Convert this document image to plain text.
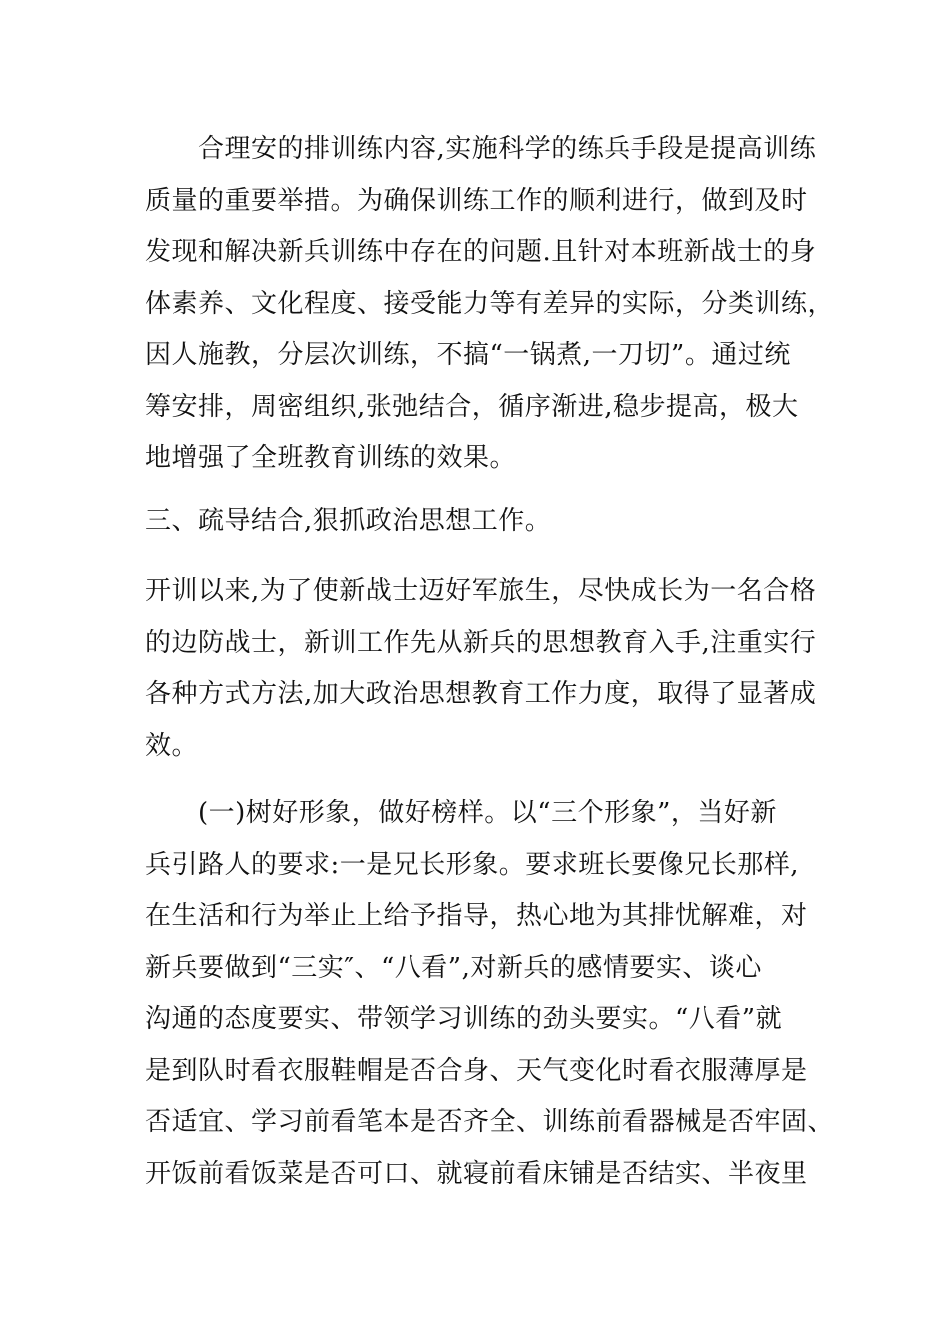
合理安的排训练内容,实施科学的练兵手段是提高训练
质量的重要举措。为确保训练工作的顺利进行，做到及时
发现和解决新兵训练中存在的问题.且针对本班新战士的身
体素养、文化程度、接受能力等有差异的实际，分类训练，
因人施教，分层次训练，不搞“一锅煮,一刀切”。通过统
筹安排，周密组织,张弛结合，循序渐进,稳步提高，极大
地增强了全班教育训练的效果。
三、疏导结合,狠抓政治思想工作。
开训以来,为了使新战士迈好军旅生，尽快成长为一名合格
的边防战士，新训工作先从新兵的思想教育入手,注重实行
各种方式方法,加大政治思想教育工作力度，取得了显著成
效。
(一)树好形象，做好榜样。以“三个形象”，当好新
兵引路人的要求:一是兄长形象。要求班长要像兄长那样,
在生活和行为举止上给予指导，热心地为其排忧解难，对
新兵要做到“三实″、“八看”,对新兵的感情要实、谈心
沟通的态度要实、带领学习训练的劲头要实。“八看”就
是到队时看衣服鞋帽是否合身、天气变化时看衣服薄厚是
否适宜、学习前看笔本是否齐全、训练前看器械是否牢固、
开饭前看饭菜是否可口、就寝前看床铺是否结实、半夜里
